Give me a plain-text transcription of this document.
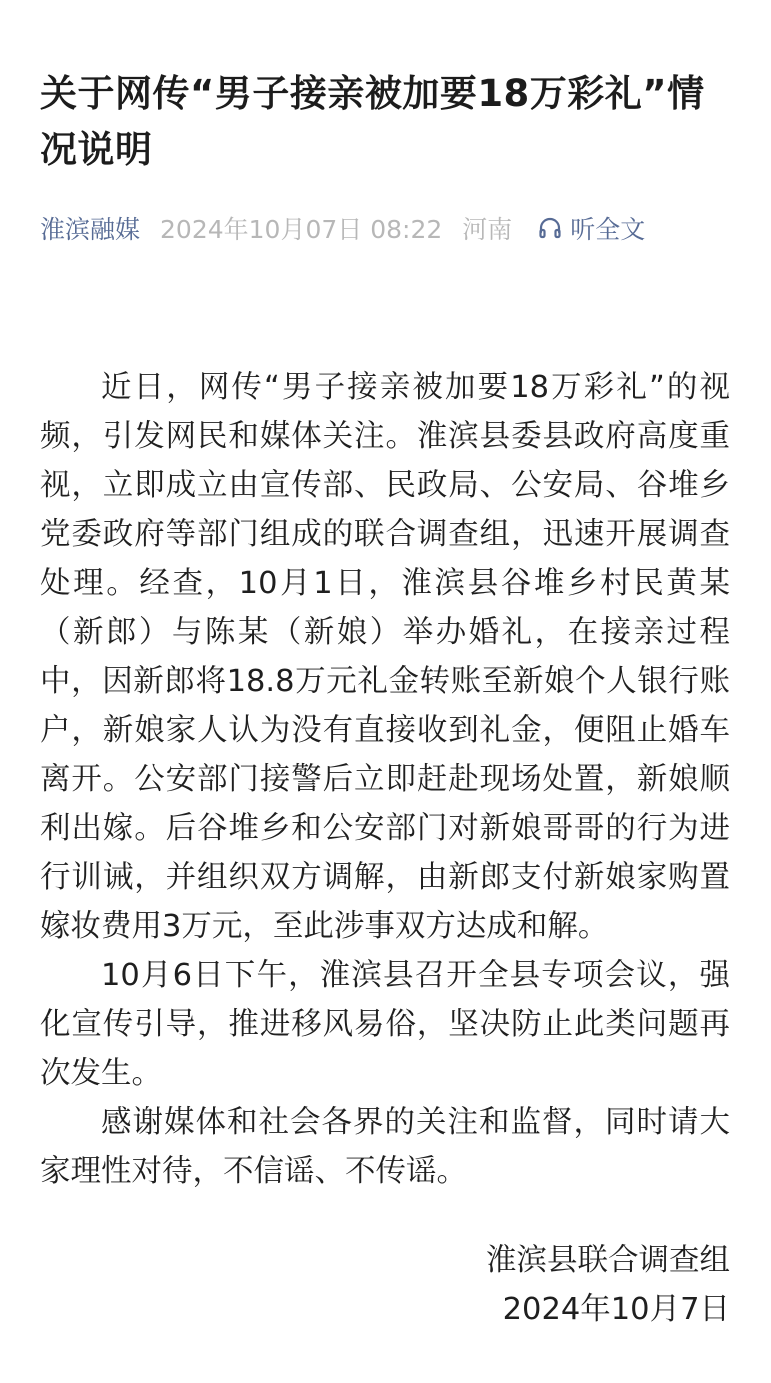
关于网传“男子接亲被加要18万彩礼”情况说明
淮滨融媒 2024年10月07日 08:22 河南 听全文

近日，网传“男子接亲被加要18万彩礼”的视频，引发网民和媒体关注。淮滨县委县政府高度重视，立即成立由宣传部、民政局、公安局、谷堆乡党委政府等部门组成的联合调查组，迅速开展调查处理。经查，10月1日，淮滨县谷堆乡村民黄某（新郎）与陈某（新娘）举办婚礼，在接亲过程中，因新郎将18.8万元礼金转账至新娘个人银行账户，新娘家人认为没有直接收到礼金，便阻止婚车离开。公安部门接警后立即赶赴现场处置，新娘顺利出嫁。后谷堆乡和公安部门对新娘哥哥的行为进行训诫，并组织双方调解，由新郎支付新娘家购置嫁妆费用3万元，至此涉事双方达成和解。

10月6日下午，淮滨县召开全县专项会议，强化宣传引导，推进移风易俗，坚决防止此类问题再次发生。

感谢媒体和社会各界的关注和监督，同时请大家理性对待，不信谣、不传谣。

淮滨县联合调查组
2024年10月7日
